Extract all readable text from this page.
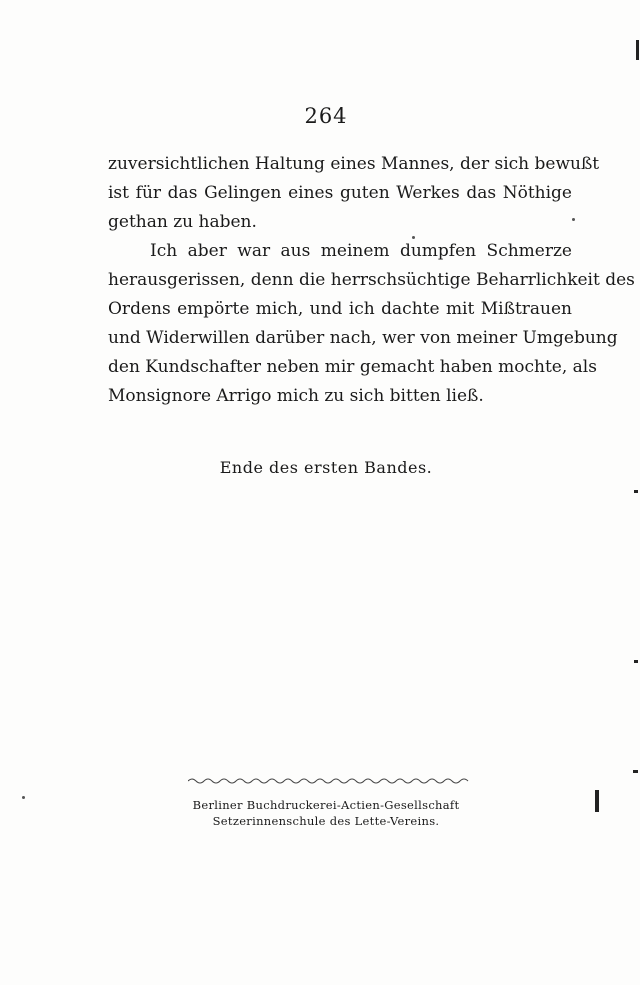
264
zuversichtlichen Haltung eines Mannes, der sich bewußt
ist für das Gelingen eines guten Werkes das Nöthige
gethan zu haben.
Ich aber war aus meinem dumpfen Schmerze
herausgerissen, denn die herrschsüchtige Beharrlichkeit des
Ordens empörte mich, und ich dachte mit Mißtrauen
und Widerwillen darüber nach, wer von meiner Umgebung
den Kundschafter neben mir gemacht haben mochte, als
Monsignore Arrigo mich zu sich bitten ließ.
Ende des ersten Bandes.
Berliner Buchdruckerei-Actien-Gesellschaft
Setzerinnenschule des Lette-Vereins.
